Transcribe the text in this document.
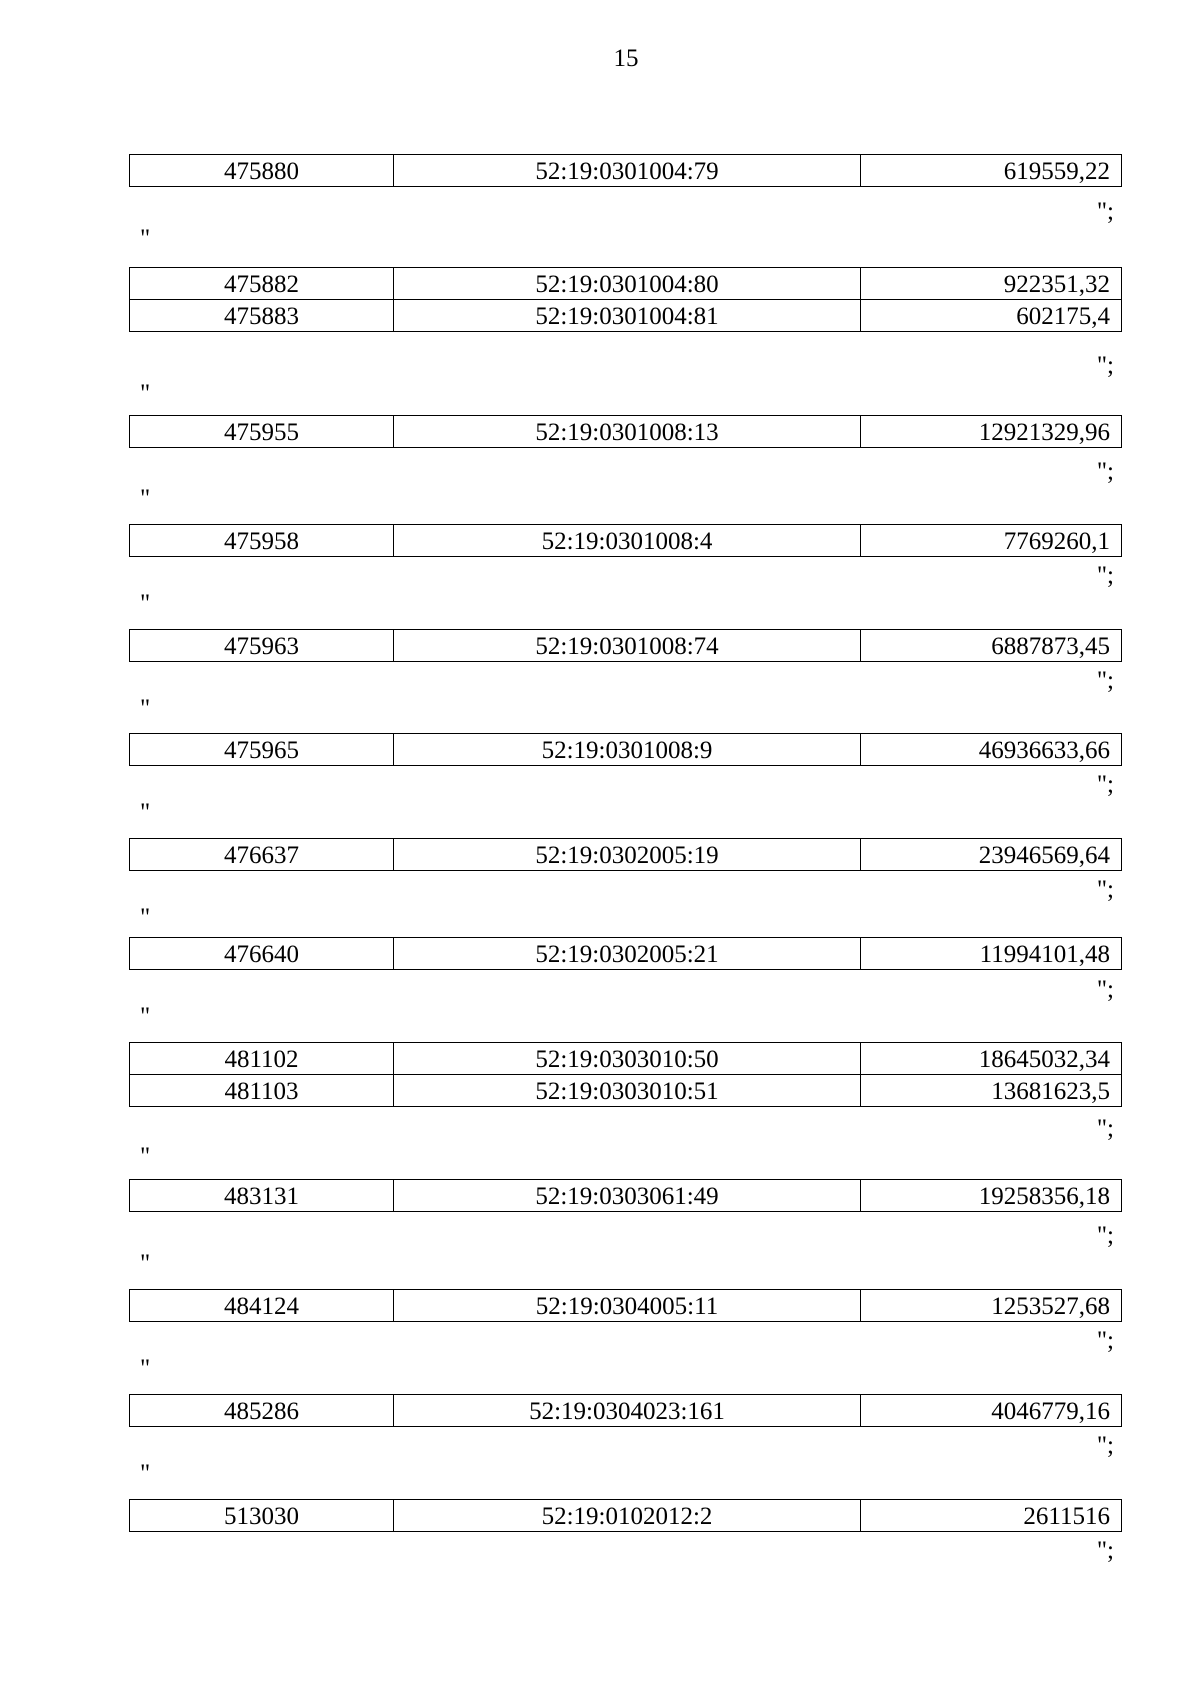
15
475880	52:19:0301004:79	619559,22
";
"
475882	52:19:0301004:80	922351,32
475883	52:19:0301004:81	602175,4
";
"
475955	52:19:0301008:13	12921329,96
";
"
475958	52:19:0301008:4	7769260,1
";
"
475963	52:19:0301008:74	6887873,45
";
"
475965	52:19:0301008:9	46936633,66
";
"
476637	52:19:0302005:19	23946569,64
";
"
476640	52:19:0302005:21	11994101,48
";
"
481102	52:19:0303010:50	18645032,34
481103	52:19:0303010:51	13681623,5
";
"
483131	52:19:0303061:49	19258356,18
";
"
484124	52:19:0304005:11	1253527,68
";
"
485286	52:19:0304023:161	4046779,16
";
"
513030	52:19:0102012:2	2611516
";
